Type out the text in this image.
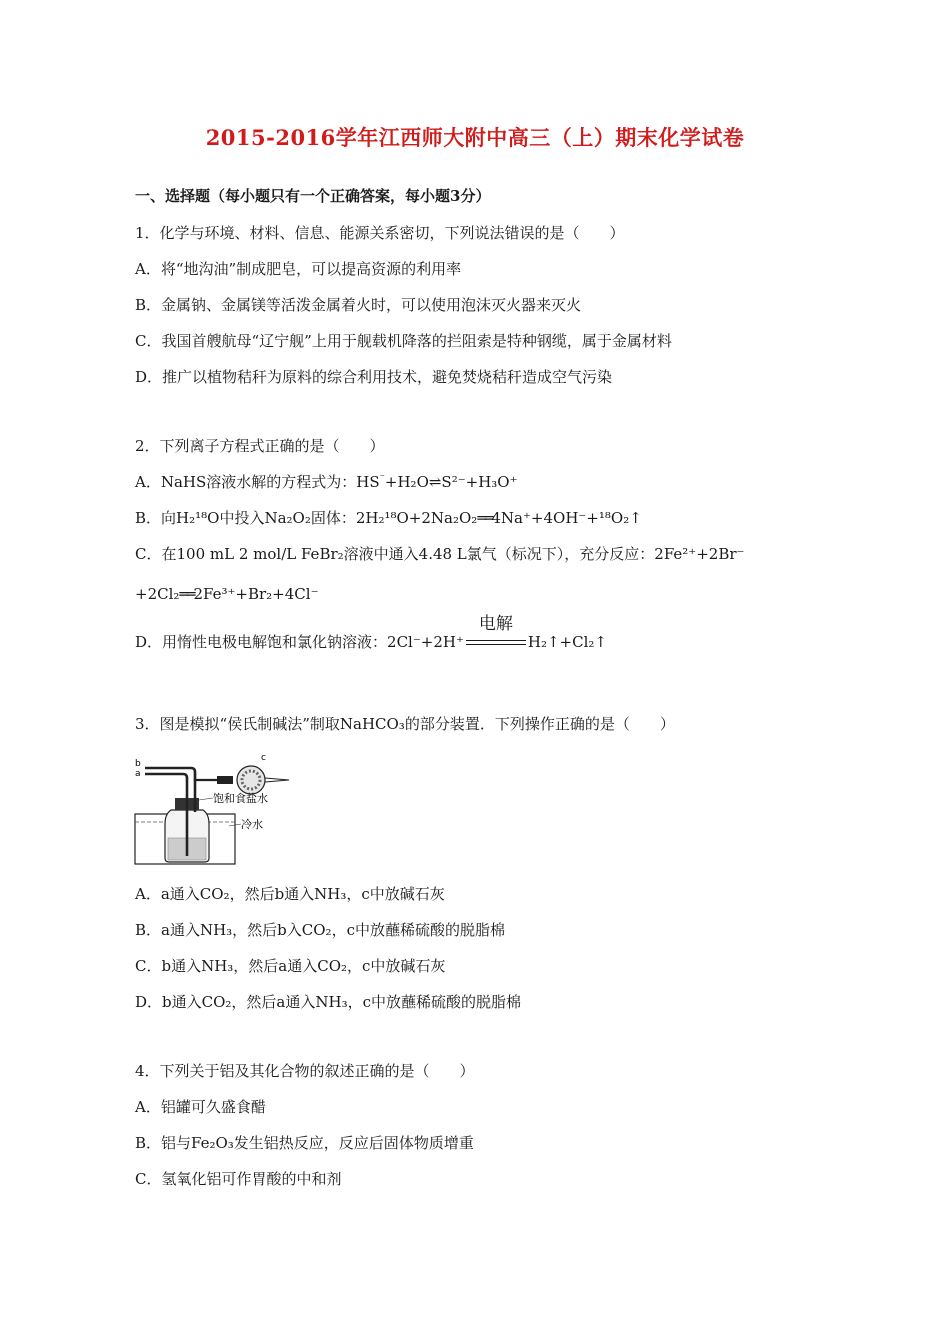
2015-2016学年江西师大附中高三（上）期末化学试卷
一、选择题（每小题只有一个正确答案，每小题3分）
1．化学与环境、材料、信息、能源关系密切，下列说法错误的是（　　）
A．将“地沟油”制成肥皂，可以提高资源的利用率
B．金属钠、金属镁等活泼金属着火时，可以使用泡沫灭火器来灭火
C．我国首艘航母“辽宁舰”上用于舰载机降落的拦阻索是特种钢缆，属于金属材料
D．推广以植物秸秆为原料的综合利用技术，避免焚烧秸秆造成空气污染
2．下列离子方程式正确的是（　　）
A．NaHS溶液水解的方程式为：HS⁻+H₂O⇌S²⁻+H₃O⁺
B．向H₂¹⁸O中投入Na₂O₂固体：2H₂¹⁸O+2Na₂O₂══4Na⁺+4OH⁻+¹⁸O₂↑
C．在100 mL 2 mol/L FeBr₂溶液中通入4.48 L氯气（标况下），充分反应：2Fe²⁺+2Br⁻
+2Cl₂══2Fe³⁺+Br₂+4Cl⁻
D．用惰性电极电解饱和氯化钠溶液：2Cl⁻+2H⁺
电解
H₂↑+Cl₂↑
3．图是模拟“侯氏制碱法”制取NaHCO₃的部分装置．下列操作正确的是（　　）
b
a
c
饱和食盐水
冷水
A．a通入CO₂，然后b通入NH₃，c中放碱石灰
B．a通入NH₃，然后b入CO₂，c中放蘸稀硫酸的脱脂棉
C．b通入NH₃，然后a通入CO₂，c中放碱石灰
D．b通入CO₂，然后a通入NH₃，c中放蘸稀硫酸的脱脂棉
4．下列关于铝及其化合物的叙述正确的是（　　）
A．铝罐可久盛食醋
B．铝与Fe₂O₃发生铝热反应，反应后固体物质增重
C．氢氧化铝可作胃酸的中和剂
